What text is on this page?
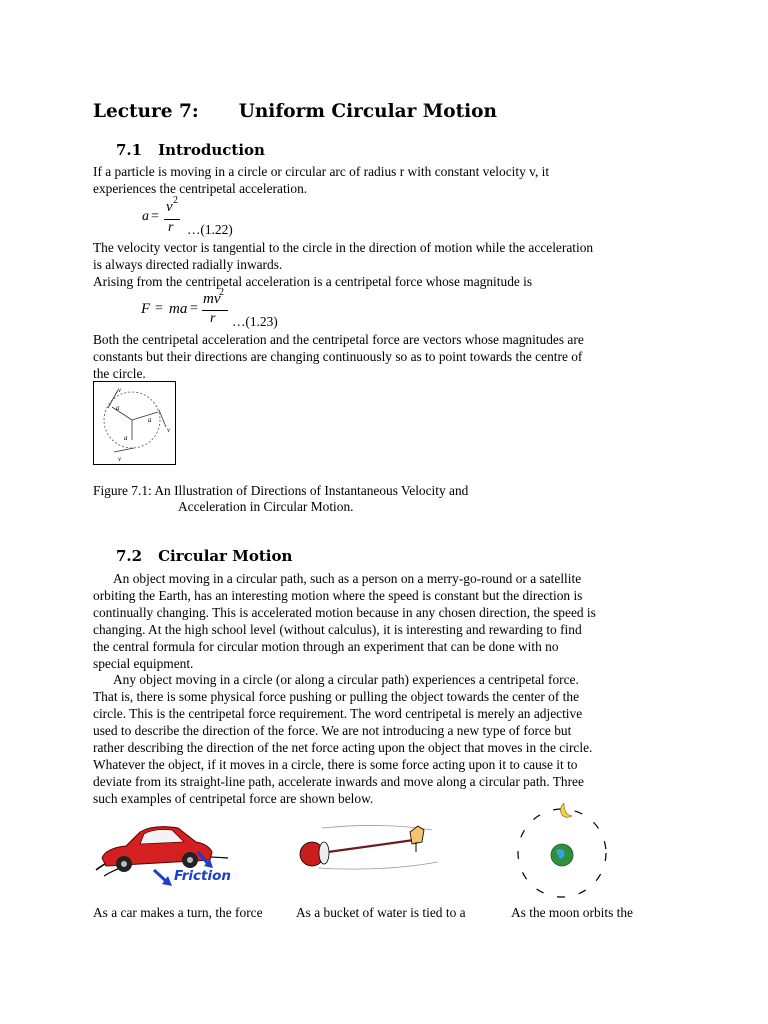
Lecture 7: Uniform Circular Motion
7.1 Introduction
If a particle is moving in a circle or circular arc of radius r with constant velocity v, it
experiences the centripetal acceleration.
a =
v 2
r …(1.22)
The velocity vector is tangential to the circle in the direction of motion while the acceleration
is always directed radially inwards.
Arising from the centripetal acceleration is a centripetal force whose magnitude is
F = ma =
mv
2
r …(1.23)
Both the centripetal acceleration and the centripetal force are vectors whose magnitudes are
constants but their directions are changing continuously so as to point towards the centre of
the circle.
v
v
v
a
a
a
Figure 7.1: An Illustration of Directions of Instantaneous Velocity and
Acceleration in Circular Motion.
7.2 Circular Motion
An object moving in a circular path, such as a person on a merry-go-round or a satellite
orbiting the Earth, has an interesting motion where the speed is constant but the direction is
continually changing. This is accelerated motion because in any chosen direction, the speed is
changing. At the high school level (without calculus), it is interesting and rewarding to find
the central formula for circular motion through an experiment that can be done with no
special equipment.
Any object moving in a circle (or along a circular path) experiences a centripetal force.
That is, there is some physical force pushing or pulling the object towards the center of the
circle. This is the centripetal force requirement. The word centripetal is merely an adjective
used to describe the direction of the force. We are not introducing a new type of force but
rather describing the direction of the net force acting upon the object that moves in the circle.
Whatever the object, if it moves in a circle, there is some force acting upon it to cause it to
deviate from its straight-line path, accelerate inwards and move along a circular path. Three
such examples of centripetal force are shown below.
Friction
As a car makes a turn, the force As a bucket of water is tied to a	As the moon orbits the
